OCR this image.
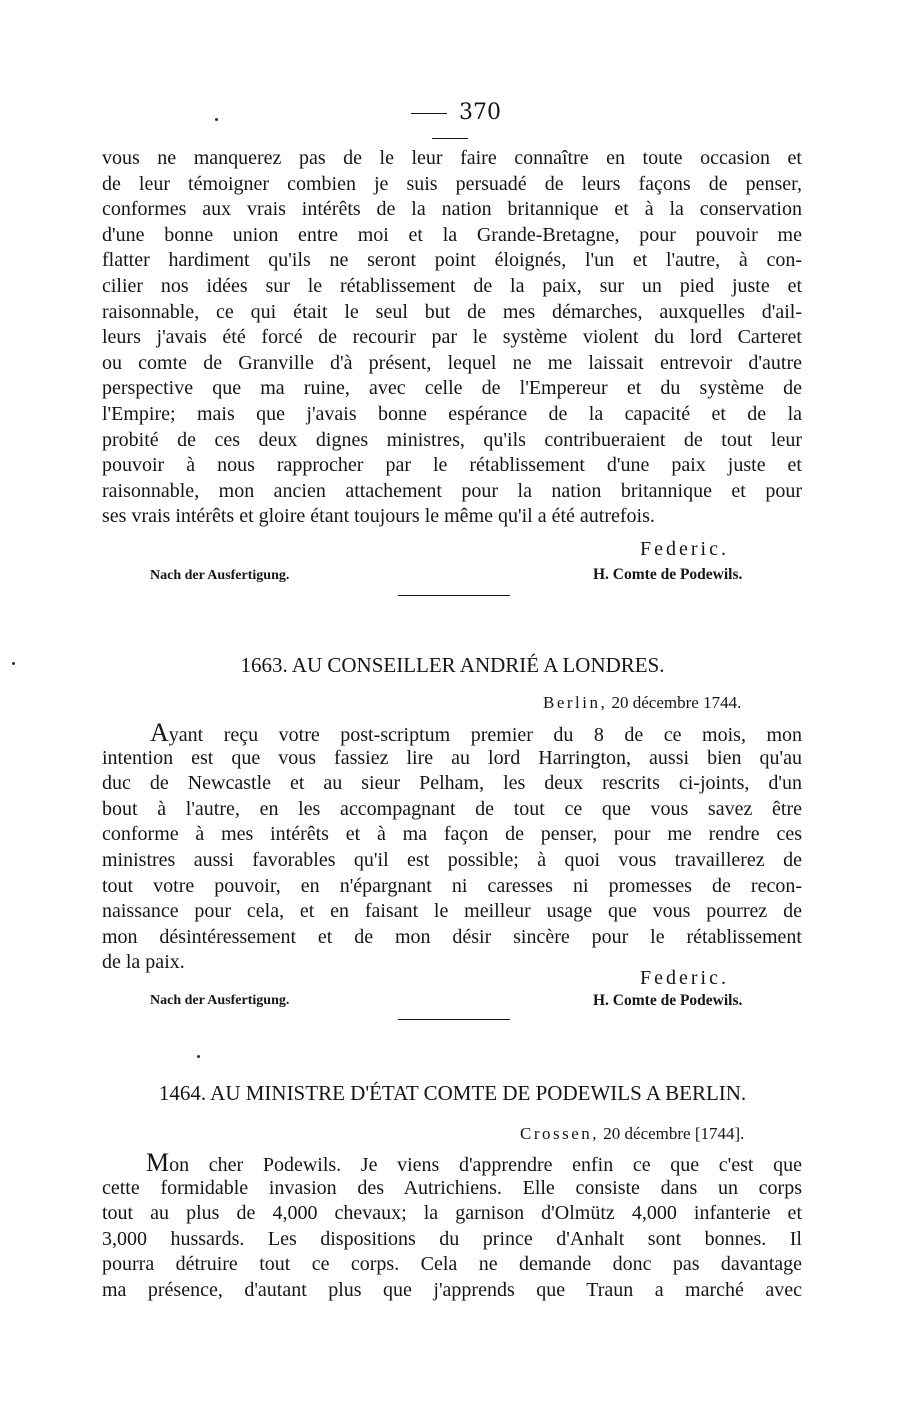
370
vous ne manquerez pas de le leur faire connaître en toute occasion et
de leur témoigner combien je suis persuadé de leurs façons de penser,
conformes aux vrais intérêts de la nation britannique et à la conservation
d'une bonne union entre moi et la Grande-Bretagne, pour pouvoir me
flatter hardiment qu'ils ne seront point éloignés, l'un et l'autre, à con-
cilier nos idées sur le rétablissement de la paix, sur un pied juste et
raisonnable, ce qui était le seul but de mes démarches, auxquelles d'ail-
leurs j'avais été forcé de recourir par le système violent du lord Carteret
ou comte de Granville d'à présent, lequel ne me laissait entrevoir d'autre
perspective que ma ruine, avec celle de l'Empereur et du système de
l'Empire; mais que j'avais bonne espérance de la capacité et de la
probité de ces deux dignes ministres, qu'ils contribueraient de tout leur
pouvoir à nous rapprocher par le rétablissement d'une paix juste et
raisonnable, mon ancien attachement pour la nation britannique et pour
ses vrais intérêts et gloire étant toujours le même qu'il a été autrefois.
Federic.
Nach der Ausfertigung.	H. Comte de Podewils.
1663. AU CONSEILLER ANDRIÉ A LONDRES.
Berlin, 20 décembre 1744.
Ayant reçu votre post-scriptum premier du 8 de ce mois, mon
intention est que vous fassiez lire au lord Harrington, aussi bien qu'au
duc de Newcastle et au sieur Pelham, les deux rescrits ci-joints, d'un
bout à l'autre, en les accompagnant de tout ce que vous savez être
conforme à mes intérêts et à ma façon de penser, pour me rendre ces
ministres aussi favorables qu'il est possible; à quoi vous travaillerez de
tout votre pouvoir, en n'épargnant ni caresses ni promesses de recon-
naissance pour cela, et en faisant le meilleur usage que vous pourrez de
mon désintéressement et de mon désir sincère pour le rétablissement
de la paix.
Federic.
Nach der Ausfertigung.	H. Comte de Podewils.
1464. AU MINISTRE D'ÉTAT COMTE DE PODEWILS A BERLIN.
Crossen, 20 décembre [1744].
Mon cher Podewils. Je viens d'apprendre enfin ce que c'est que
cette formidable invasion des Autrichiens. Elle consiste dans un corps
tout au plus de 4,000 chevaux; la garnison d'Olmütz 4,000 infanterie et
3,000 hussards. Les dispositions du prince d'Anhalt sont bonnes. Il
pourra détruire tout ce corps. Cela ne demande donc pas davantage
ma présence, d'autant plus que j'apprends que Traun a marché avec
